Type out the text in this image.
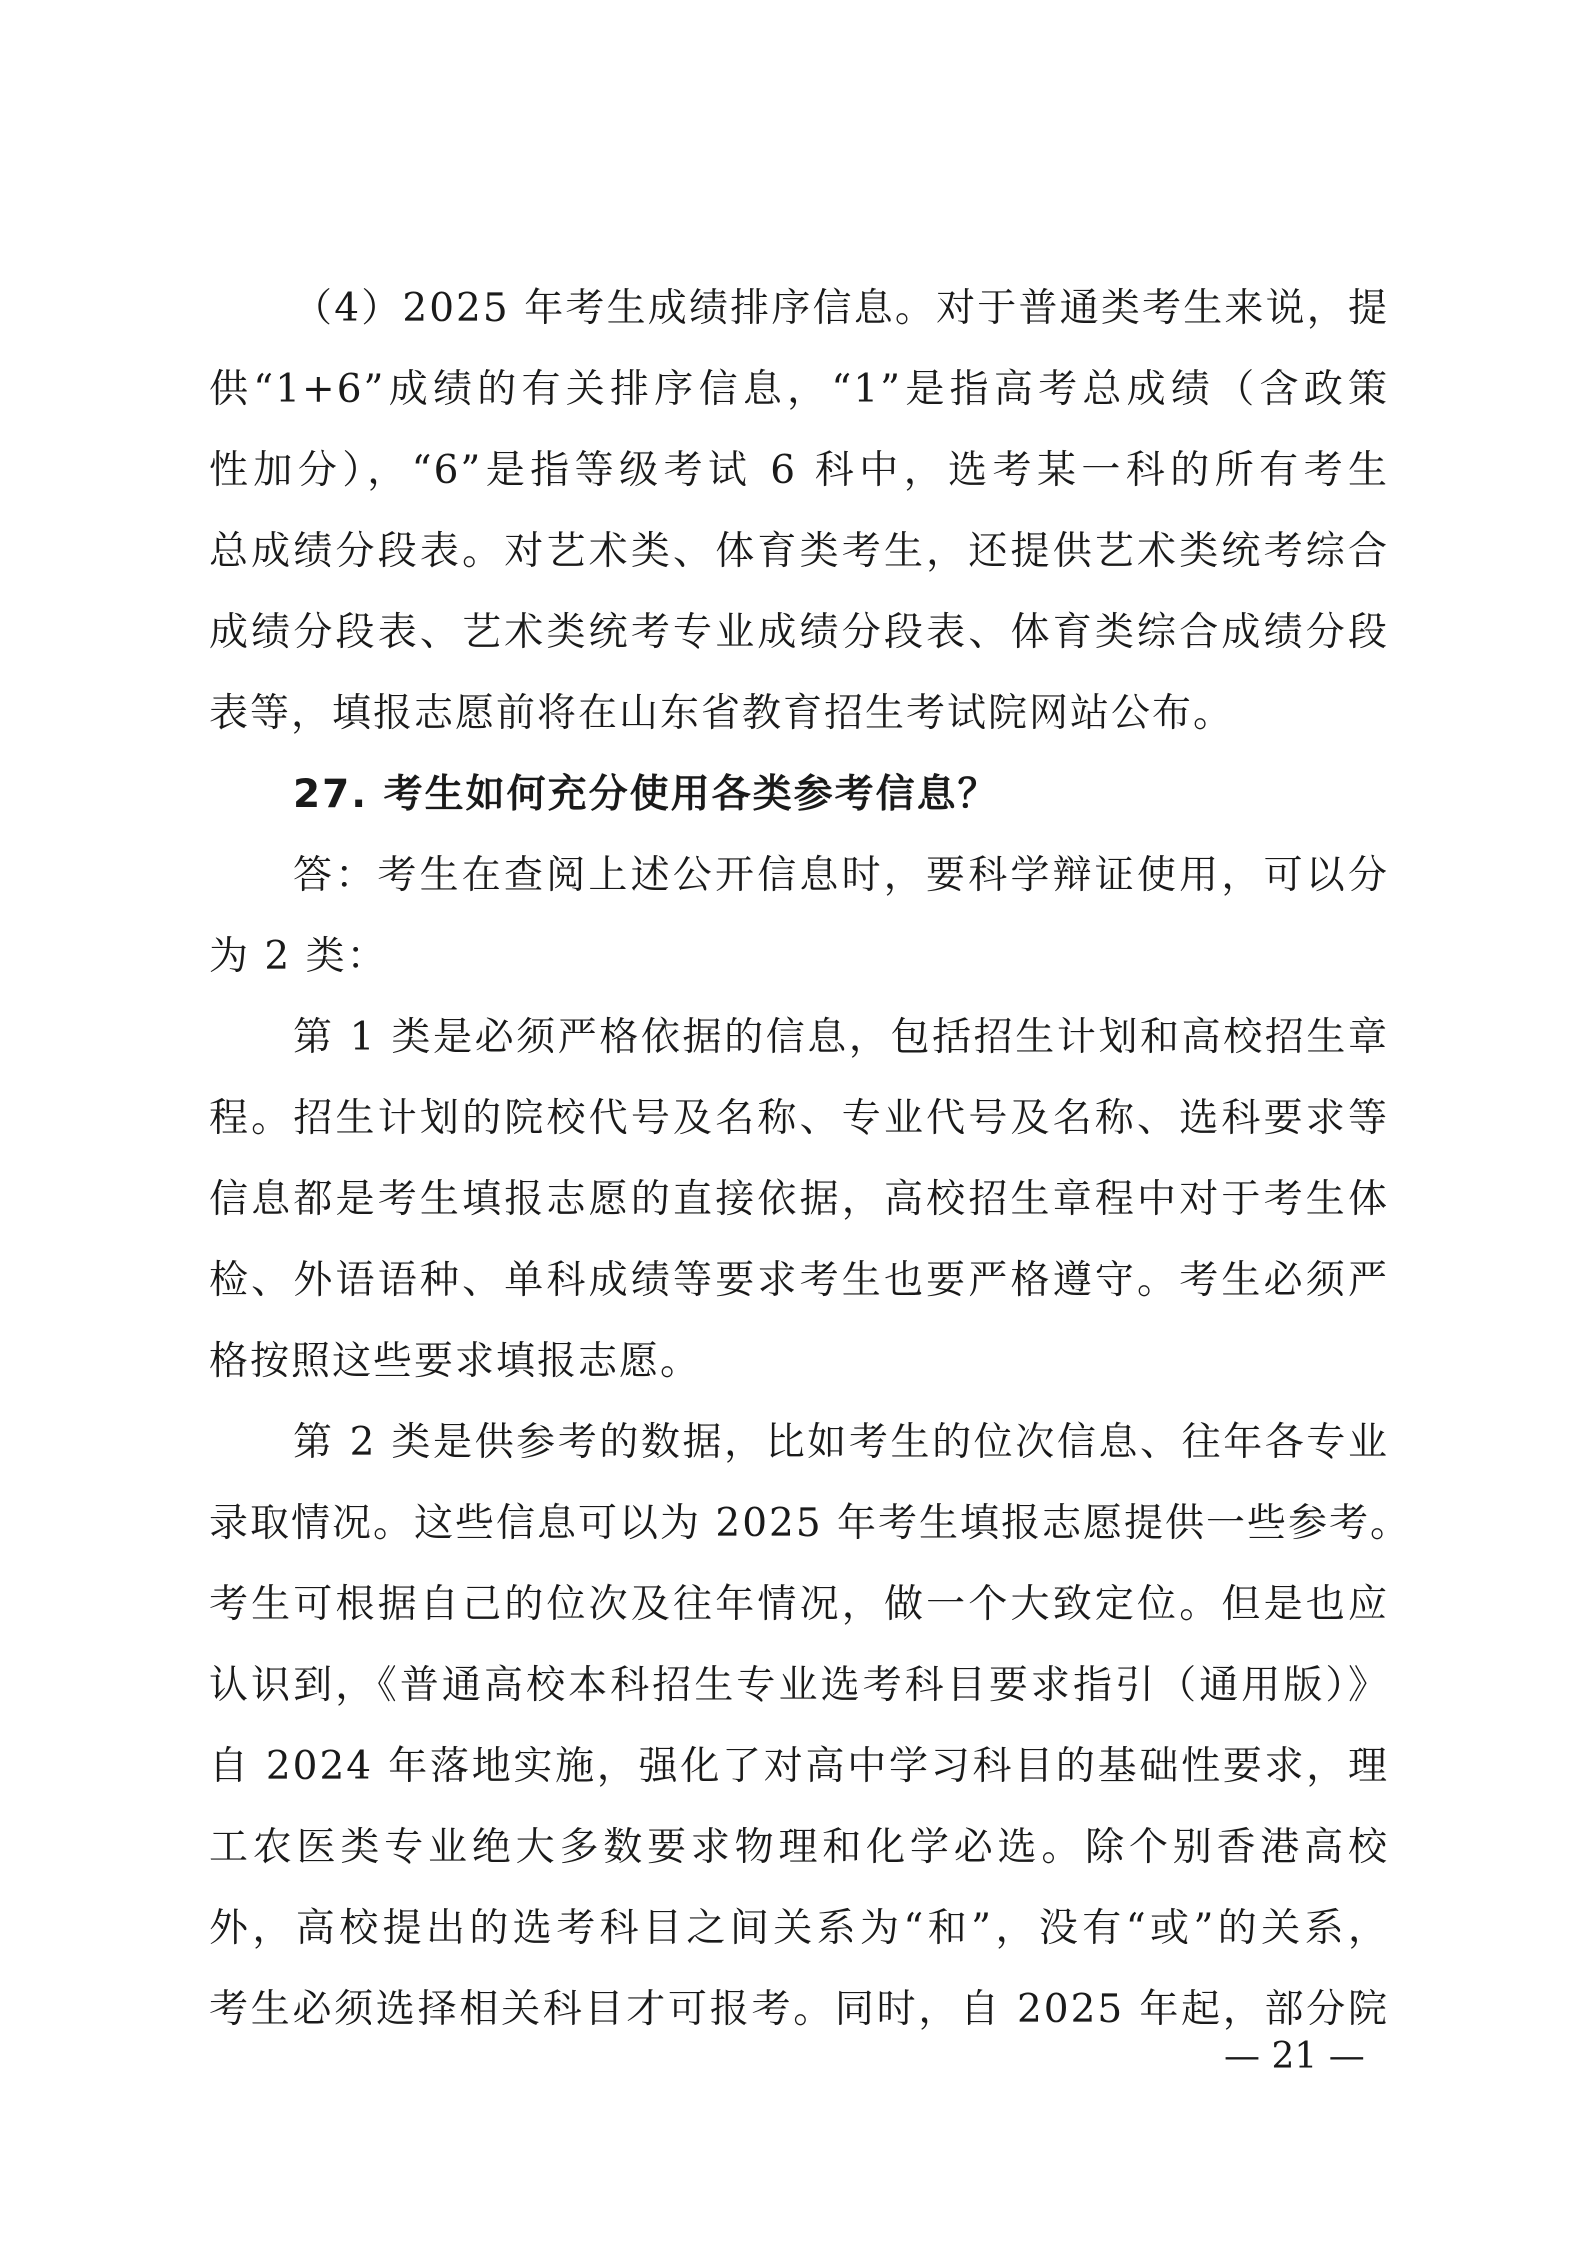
（4）2025 年考生成绩排序信息。对于普通类考生来说，提
供“1+6”成绩的有关排序信息，“1”是指高考总成绩（含政策
性加分），“6”是指等级考试 6 科中，选考某一科的所有考生
总成绩分段表。对艺术类、体育类考生，还提供艺术类统考综合
成绩分段表、艺术类统考专业成绩分段表、体育类综合成绩分段
表等，填报志愿前将在山东省教育招生考试院网站公布。
27. 考生如何充分使用各类参考信息？
答：考生在查阅上述公开信息时，要科学辩证使用，可以分
为 2 类：
第 1 类是必须严格依据的信息，包括招生计划和高校招生章
程。招生计划的院校代号及名称、专业代号及名称、选科要求等
信息都是考生填报志愿的直接依据，高校招生章程中对于考生体
检、外语语种、单科成绩等要求考生也要严格遵守。考生必须严
格按照这些要求填报志愿。
第 2 类是供参考的数据，比如考生的位次信息、往年各专业
录取情况。这些信息可以为 2025 年考生填报志愿提供一些参考。
考生可根据自己的位次及往年情况，做一个大致定位。但是也应
认识到，《普通高校本科招生专业选考科目要求指引（通用版）》
自 2024 年落地实施，强化了对高中学习科目的基础性要求，理
工农医类专业绝大多数要求物理和化学必选。除个别香港高校
外，高校提出的选考科目之间关系为“和”，没有“或”的关系，
考生必须选择相关科目才可报考。同时，自 2025 年起，部分院
— 21 —
